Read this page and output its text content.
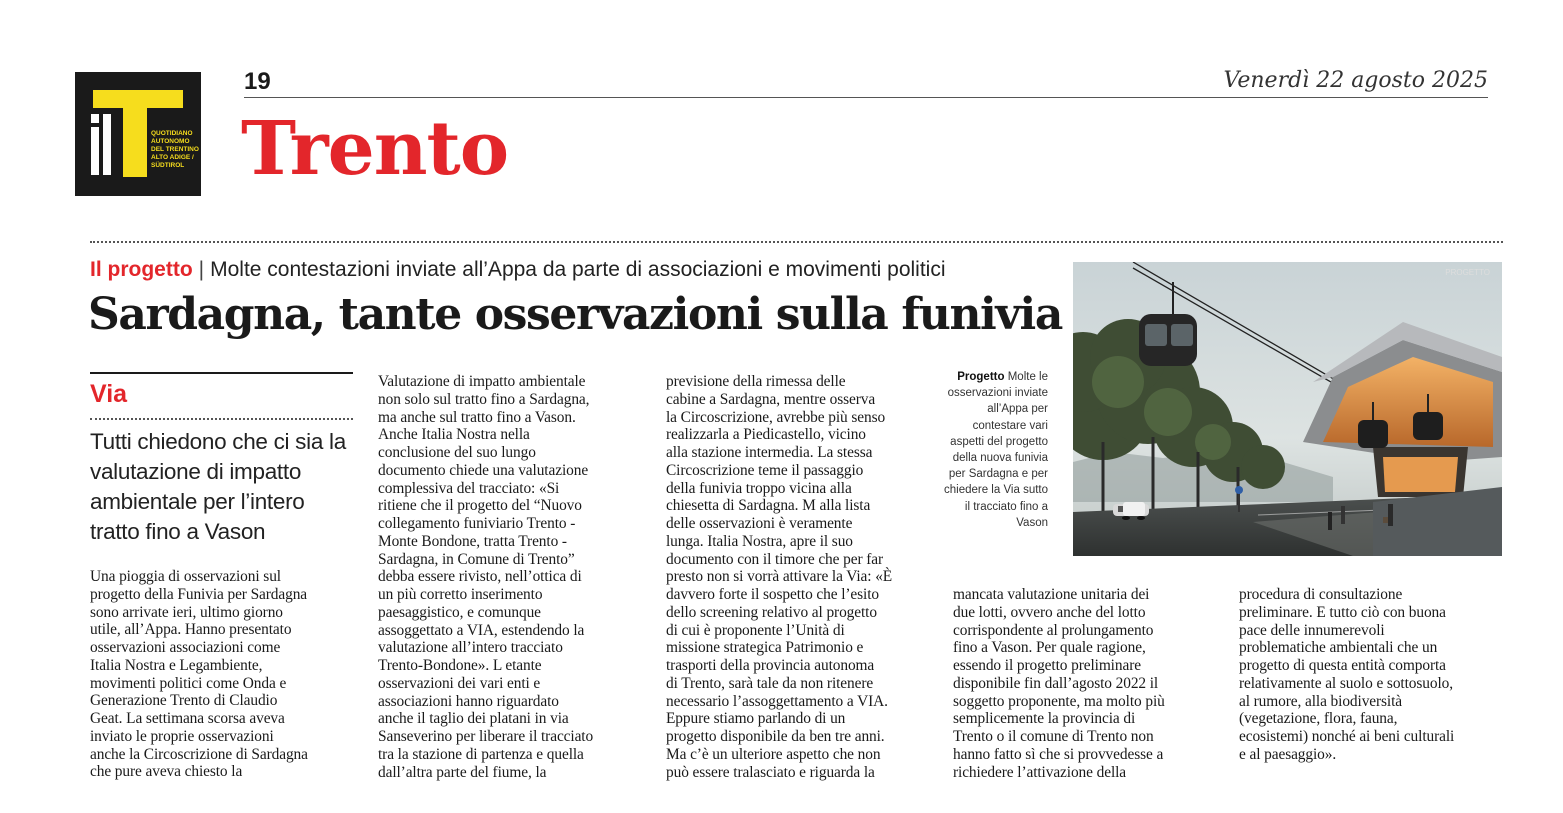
QUOTIDIANO
AUTONOMO
DEL TRENTINO
ALTO ADIGE /
SÜDTIROL
19	Venerdì 22 agosto 2025
Trento
Il progetto | Molte contestazioni inviate all’Appa da parte di associazioni e movimenti politici
Sardagna, tante osservazioni sulla funivia
PROGETTO
Progetto Molte le osservazioni inviate all’Appa per contestare vari aspetti del progetto della nuova funivia per Sardagna e per chiedere la Via sutto il tracciato fino a Vason
Via
Tutti chiedono che ci sia la valutazione di impatto ambientale per l’intero tratto fino a Vason
Una pioggia di osservazioni sul
progetto della Funivia per Sardagna
sono arrivate ieri, ultimo giorno
utile, all’Appa. Hanno presentato
osservazioni associazioni come
Italia Nostra e Legambiente,
movimenti politici come Onda e
Generazione Trento di Claudio
Geat. La settimana scorsa aveva
inviato le proprie osservazioni
anche la Circoscrizione di Sardagna
che pure aveva chiesto la
Valutazione di impatto ambientale
non solo sul tratto fino a Sardagna,
ma anche sul tratto fino a Vason.
Anche Italia Nostra nella
conclusione del suo lungo
documento chiede una valutazione
complessiva del tracciato: «Si
ritiene che il progetto del “Nuovo
collegamento funiviario Trento -
Monte Bondone, tratta Trento -
Sardagna, in Comune di Trento”
debba essere rivisto, nell’ottica di
un più corretto inserimento
paesaggistico, e comunque
assoggettato a VIA, estendendo la
valutazione all’intero tracciato
Trento-Bondone». L etante
osservazioni dei vari enti e
associazioni hanno riguardato
anche il taglio dei platani in via
Sanseverino per liberare il tracciato
tra la stazione di partenza e quella
dall’altra parte del fiume, la
previsione della rimessa delle
cabine a Sardagna, mentre osserva
la Circoscrizione, avrebbe più senso
realizzarla a Piedicastello, vicino
alla stazione intermedia. La stessa
Circoscrizione teme il passaggio
della funivia troppo vicina alla
chiesetta di Sardagna. M alla lista
delle osservazioni è veramente
lunga. Italia Nostra, apre il suo
documento con il timore che per far
presto non si vorrà attivare la Via: «È
davvero forte il sospetto che l’esito
dello screening relativo al progetto
di cui è proponente l’Unità di
missione strategica Patrimonio e
trasporti della provincia autonoma
di Trento, sarà tale da non ritenere
necessario l’assoggettamento a VIA.
Eppure stiamo parlando di un
progetto disponibile da ben tre anni.
Ma c’è un ulteriore aspetto che non
può essere tralasciato e riguarda la
mancata valutazione unitaria dei
due lotti, ovvero anche del lotto
corrispondente al prolungamento
fino a Vason. Per quale ragione,
essendo il progetto preliminare
disponibile fin dall’agosto 2022 il
soggetto proponente, ma molto più
semplicemente la provincia di
Trento o il comune di Trento non
hanno fatto sì che si provvedesse a
richiedere l’attivazione della
procedura di consultazione
preliminare. E tutto ciò con buona
pace delle innumerevoli
problematiche ambientali che un
progetto di questa entità comporta
relativamente al suolo e sottosuolo,
al rumore, alla biodiversità
(vegetazione, flora, fauna,
ecosistemi) nonché ai beni culturali
e al paesaggio».
